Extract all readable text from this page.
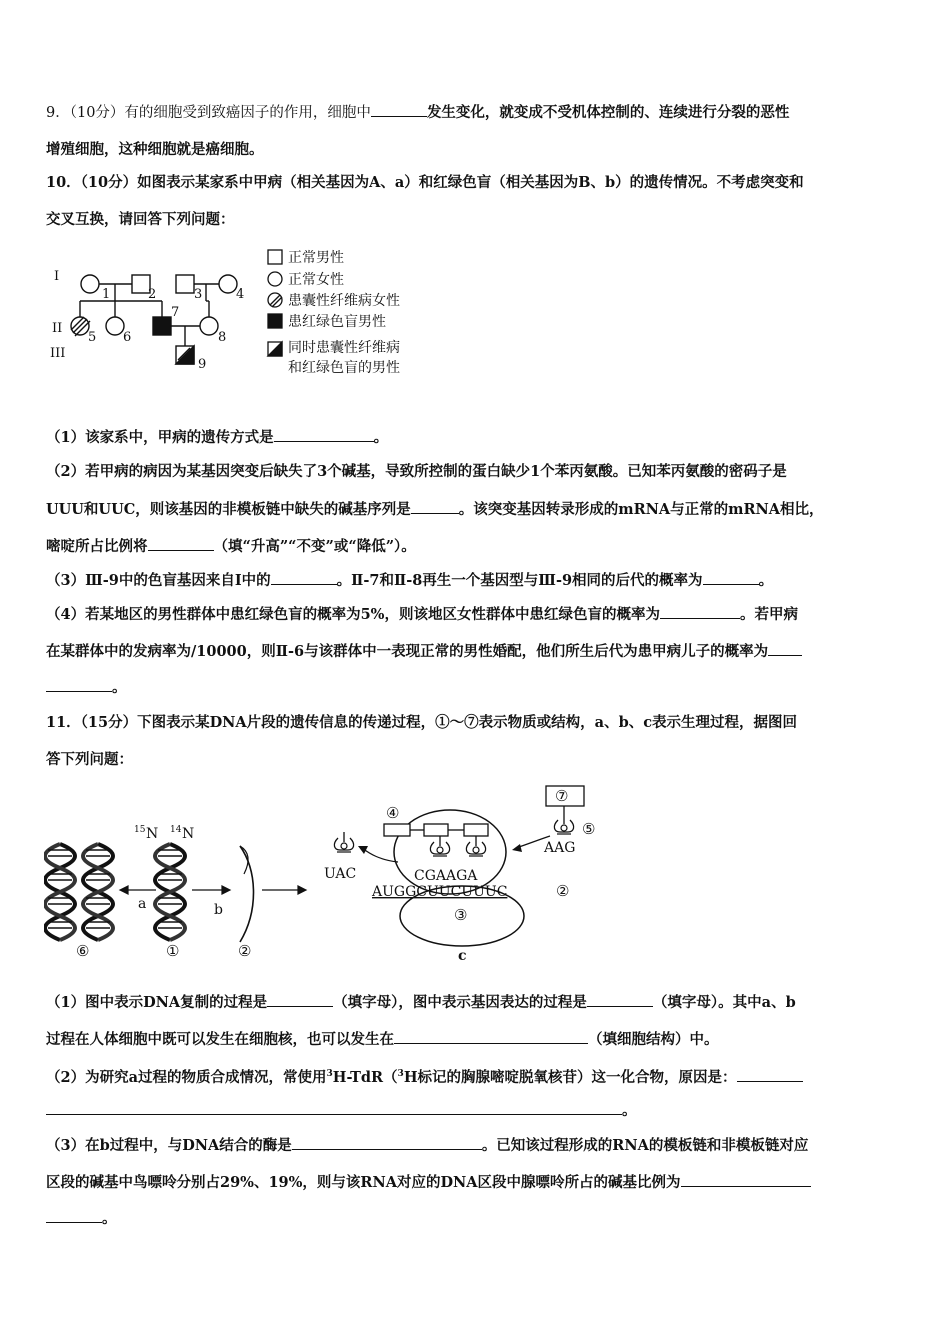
9．（10分）有的细胞受到致癌因子的作用，细胞中	发生变化，就变成不受机体控制的、连续进行分裂的恶性
增殖细胞，这种细胞就是癌细胞。
10．（10分）如图表示某家系中甲病（相关基因为A、a）和红绿色盲（相关基因为B、b）的遗传情况。不考虑突变和
交叉互换，请回答下列问题：
I
II
III
1	2	3	4
5 6
7
8
9
正常男性
正常女性
患囊性纤维病女性
患红绿色盲男性
同时患囊性纤维病
和红绿色盲的男性
（1）该家系中，甲病的遗传方式是	。
（2）若甲病的病因为某基因突变后缺失了3个碱基，导致所控制的蛋白缺少1个苯丙氨酸。已知苯丙氨酸的密码子是
UUU和UUC，则该基因的非模板链中缺失的碱基序列是	。该突变基因转录形成的mRNA与正常的mRNA相比，
嘧啶所占比例将	（填“升高”“不变”或“降低”）。
（3）Ⅲ-9中的色盲基因来自Ⅰ中的	。Ⅱ-7和Ⅱ-8再生一个基因型与Ⅲ-9相同的后代的概率为	。
（4）若某地区的男性群体中患红绿色盲的概率为5%，则该地区女性群体中患红绿色盲的概率为	。若甲病
在某群体中的发病率为/10000，则Ⅱ-6与该群体中一表现正常的男性婚配，他们所生后代为患甲病儿子的概率为
。
11．（15分）下图表示某DNA片段的遗传信息的传递过程，①～⑦表示物质或结构，a、b、c表示生理过程，据图回
答下列问题：
15 N 14 N
a	b
⑥	①	②
④
⑦
⑤
UAC
AAG
CGAAGA
AUGGCUUCUUUC	②
③
c
（1）图中表示DNA复制的过程是	（填字母），图中表示基因表达的过程是	（填字母）。其中a、b
过程在人体细胞中既可以发生在细胞核，也可以发生在	（填细胞结构）中。
（2）为研究a过程的物质合成情况，常使用$^3$H-TdR（$^3$H标记的胸腺嘧啶脱氧核苷）这一化合物，原因是：
。
（3）在b过程中，与DNA结合的酶是	。已知该过程形成的RNA的模板链和非模板链对应
区段的碱基中鸟嘌呤分别占29%、19%，则与该RNA对应的DNA区段中腺嘌呤所占的碱基比例为
。
